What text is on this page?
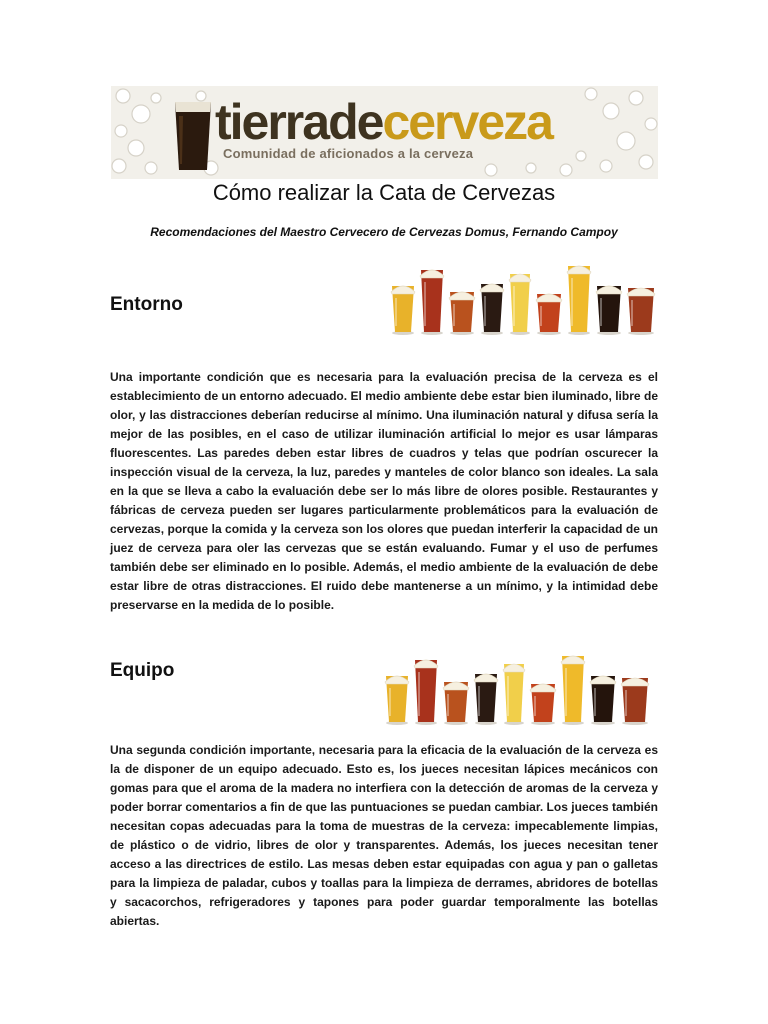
tierradecerveza
Comunidad de aficionados a la cerveza
Cómo realizar la Cata de Cervezas
Recomendaciones del Maestro Cervecero de Cervezas Domus, Fernando Campoy
Entorno
Una importante condición que es necesaria para la evaluación precisa de la cerveza es el establecimiento de un entorno adecuado. El medio ambiente debe estar bien iluminado, libre de olor, y las distracciones deberían reducirse al mínimo. Una iluminación natural y difusa sería la mejor de las posibles, en el caso de utilizar iluminación artificial lo mejor es usar lámparas fluorescentes. Las paredes deben estar libres de cuadros y telas que podrían oscurecer la inspección visual de la cerveza, la luz, paredes y manteles de color blanco son ideales. La sala en la que se lleva a cabo la evaluación debe ser lo más libre de olores posible. Restaurantes y fábricas de cerveza pueden ser lugares particularmente problemáticos para la evaluación de cervezas, porque la comida y la cerveza son los olores que puedan interferir la capacidad de un juez de cerveza para oler las cervezas que se están evaluando. Fumar y el uso de perfumes también debe ser eliminado en lo posible. Además, el medio ambiente de la evaluación de debe estar libre de otras distracciones. El ruido debe mantenerse a un mínimo, y la intimidad debe preservarse en la medida de lo posible.
Equipo
Una segunda condición importante, necesaria para la eficacia de la evaluación de la cerveza es la de disponer de un equipo adecuado. Esto es, los jueces necesitan lápices mecánicos con gomas para que el aroma de la madera no interfiera con la detección de aromas de la cerveza y poder borrar comentarios a fin de que las puntuaciones se puedan cambiar. Los jueces también necesitan copas adecuadas para la toma de muestras de la cerveza: impecablemente limpias, de plástico o de vidrio, libres de olor y transparentes. Además, los jueces necesitan tener acceso a las directrices de estilo. Las mesas deben estar equipadas con agua y pan o galletas para la limpieza de paladar, cubos y toallas para la limpieza de derrames, abridores de botellas y sacacorchos, refrigeradores y tapones para poder guardar temporalmente las botellas abiertas.
